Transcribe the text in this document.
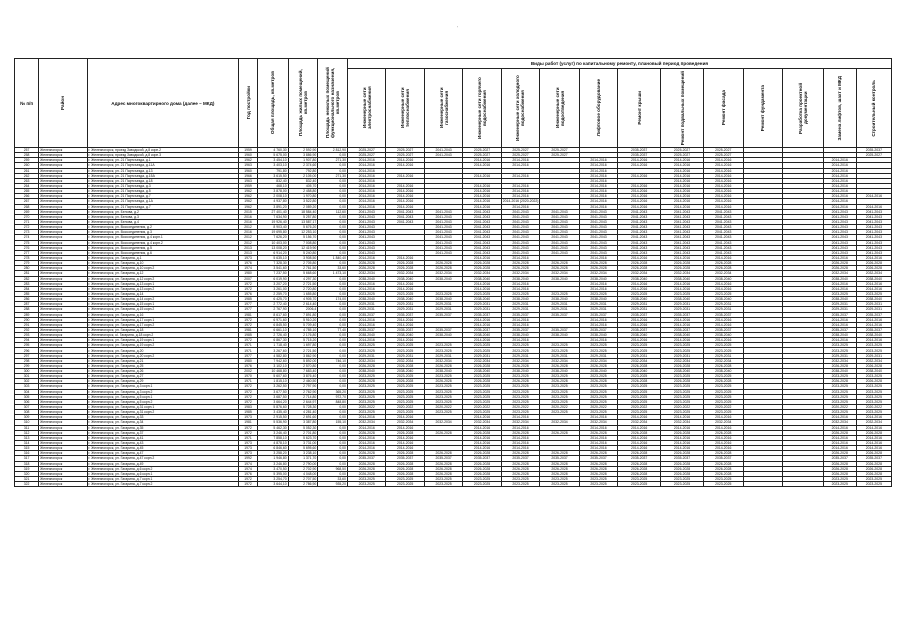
˙
№ п/п	Район	Адрес многоквартирного дома (далее – МКД)	Год постройки	Общая площадь, кв.метров	Площадь жилых помещений, кв.метров	Площадь нежилых помещений функционального назначения, кв.метров	Виды работ (услуг) по капитальному ремонту, плановый период проведения													

							Инженерные сети электроснабжения	Инженерные сети теплоснабжения	Инженерные сети газоснабжения	Инженерные сети горячего водоснабжения	Инженерные сети холодного водоснабжения	Инженерные сети водоотведения	Лифтовое оборудование	Ремонт крыши	Ремонт подвальных помещений	Ремонт фасада	Ремонт фундамента	Разработка проектной документации	Замена лифтов, шахт и МКД	Строительный контроль

257	Железногорск	г. Железногорск, проезд Заводской, д.8 корп.2	1959	4 760,30	2 592,90	2 812,90	2025-2027	2025-2027	2041-2043	2025-2027	2025-2027	2025-2027		2035-2037	2025-2027	2025-2027				2035-2037
258	Железногорск	г. Железногорск, проезд Заводской, д.8 корп.3	1960	5 675,00	3 886,90	0,00	2025-2027	2025-2027	2041-2043	2025-2027	2025-2027	2025-2027		2035-2037	2025-2027	2025-2027				2025-2027
259	Железногорск	г. Железногорск, ул. 21 Партсъезда, д.1	1962	3 454,10	1 907,80	271,30	2014-2016	2014-2016		2014-2016	2014-2016		2014-2016	2014-2016	2014-2016	2014-2016			2014-2016	
260	Железногорск	г. Железногорск, ул. 21 Партсъезда, д.11А	1963	3 403,10	2 374,60	0,00	2014-2016	2014-2016		2014-2016	2014-2016		2014-2016	2014-2016	2014-2016	2014-2016			2014-2016	
261	Железногорск	г. Железногорск, ул. 21 Партсъезда, д.13	1960	791,80	792,80	0,00	2014-2016						2014-2016		2014-2016	2014-2016			2014-2016	
262	Железногорск	г. Железногорск, ул. 21 Партсъезда, д.15А	1966	3 615,50	2 105,00	271,30	2014-2016	2014-2016		2014-2016	2014-2016		2014-2016	2014-2016	2014-2016	2014-2016			2014-2016	
263	Железногорск	г. Железногорск, ул. 21 Партсъезда, д.18	1963	832,40	832,40	0,00	2014-2016						2014-2016		2014-2016	2014-2016			2014-2016	
264	Железногорск	г. Железногорск, ул. 21 Партсъезда, д.3	1959	468,10	405,70	0,00	2014-2016	2014-2016		2014-2016	2014-2016		2014-2016	2014-2016	2014-2016	2014-2016			2014-2016	
265	Железногорск	г. Железногорск, ул. 21 Партсъезда, д.5	1962	3 878,00	2 458,80	0,00	2014-2016	2014-2016		2014-2016	2014-2016		2014-2016	2014-2016	2014-2016	2014-2016			2014-2016	
266	Железногорск	г. Железногорск, ул. 21 Партсъезда, д.7	1962	2 008,10	1 970,80	0,00	2014-2016	2014-2016		2014-2016	2014-2016		2014-2016	2014-2016	2014-2016	2014-2016			2014-2016	2014-2016
267	Железногорск	г. Железногорск, ул. 21 Партсъезда, д.1А	1962	4 937,80	3 522,80	0,00	2014-2016	2014-2016		2014-2016	2014-2016 (2020-2022)		2014-2016	2014-2016	2014-2016	2014-2016			2014-2016	
268	Железногорск	г. Железногорск, ул. 21 Партсъезда, д.7	1962	3 891,20	2 089,20	0,00	2014-2016	2014-2016		2014-2016	2014-2016		2014-2016	2014-2016	2014-2016	2014-2016			2014-2016	2014-2016
269	Железногорск	г. Железногорск, ул. Белова, д.2	2015	27 401,40	18 584,40	112,60	2041-2043	2041-2043	2041-2043	2041-2043	2041-2043	2041-2043	2041-2043	2041-2043	2041-2043	2041-2043			2041-2043	2041-2043
270	Железногорск	г. Железногорск, ул. Белова, д.3	2016	7 634,90	5 257,80	0,00	2041-2043	2041-2043	2041-2043	2041-2043	2041-2043	2041-2043	2041-2043	2041-2043	2041-2043	2041-2043			2041-2043	2041-2043
271	Железногорск	г. Железногорск, ул. Белова, д.4	2016	19 926,40	13 587,17	0,00	2041-2043	2041-2043	2041-2043	2041-2043	2041-2043	2041-2043	2041-2043	2041-2043	2041-2043	2041-2043			2041-2043	2041-2043
272	Железногорск	г. Железногорск, ул. Воссоединения, д.2	2012	8 903,40	5 676,20	0,00	2041-2043		2041-2043	2041-2043	2041-2043	2041-2043	2041-2043	2041-2043	2041-2043	2041-2043			2041-2043	2041-2043
273	Железногорск	г. Железногорск, ул. Воссоединения, д.3	2016	19 695,80	12 253,10	0,00	2041-2043		2041-2043	2041-2043	2041-2043	2041-2043	2041-2043	2041-2043	2041-2043	2041-2043			2041-2043	2041-2043
274	Железногорск	г. Железногорск, ул. Воссоединения, д.4 корп.1	2012	7 626,20	5 156,70	0,00	2041-2043		2041-2043	2041-2043	2041-2043	2041-2043	2041-2043	2041-2043	2041-2043	2041-2043			2041-2043	2041-2043
275	Железногорск	г. Железногорск, ул. Воссоединения, д.4 корп.2	2012	10 403,00	7 008,80	0,00	2041-2043		2041-2043	2041-2043	2041-2043	2041-2043	2041-2043	2041-2043	2041-2043	2041-2043			2041-2043	2041-2043
276	Железногорск	г. Железногорск, ул. Воссоединения, д.5	2013	13 008,20	12 419,90	0,00	2041-2043		2041-2043	2041-2043	2041-2043	2041-2043	2041-2043	2041-2043	2041-2043	2041-2043			2041-2043	2041-2043
277	Железногорск	г. Железногорск, ул. Воссоединения, д.6	2013	6 914,20	5 240,80	0,00	2041-2043		2041-2043	2041-2043	2041-2043	2041-2043	2041-2043	2041-2043	2041-2043	2041-2043			2041-2043	2041-2043
278	Железногорск	г. Железногорск, ул. Гагарина, д.1	1973	5 635,10	3 908,50	1 840,40	2014-2016	2014-2016		2014-2016	2014-2016		2014-2016	2014-2016	2014-2016	2014-2016			2014-2016	2014-2016
279	Железногорск	г. Железногорск, ул. Гагарина, д.10	1976	7 328,30	2 705,80	0,00	2026-2028	2026-2028	2026-2028	2026-2028	2026-2028	2026-2028	2026-2028	2026-2028	2026-2028	2026-2028			2026-2028	2026-2028
280	Железногорск	г. Железногорск, ул. Гагарина, д.10 корп.2	1974	3 541,60	2 761,50	33,60	2026-2028	2026-2028	2026-2028	2026-2028	2026-2028	2026-2028	2026-2028	2026-2028	2026-2028	2026-2028			2026-2028	2026-2028
281	Железногорск	г. Железногорск, ул. Гагарина, д.12	1980	7 237,50	5 668,60	1 473,10	2032-2034	2032-2034	2032-2034	2032-2034	2032-2034	2032-2034	2032-2034	2032-2034	2032-2034	2032-2034			2032-2034	2032-2034
282	Железногорск	г. Железногорск, ул. Гагарина, д.12 корп.2	2007	6 019,90	4 297,30	0,00	2038-2040	2038-2040	2038-2040	2038-2040	2038-2040	2038-2040	2038-2040	2038-2040	2038-2040	2038-2040			2038-2040	2038-2040
283	Железногорск	г. Железногорск, ул. Гагарина, д.13 корп.1	1972	3 207,20	2 721,50	0,00	2014-2016	2014-2016		2014-2016	2014-2016		2014-2016	2014-2016	2014-2016	2014-2016			2014-2016	2014-2016
284	Железногорск	г. Железногорск, ул. Гагарина, д.13 корп.2	1972	3 261,00	2 720,80	0,00	2014-2016	2014-2016		2014-2016	2014-2016		2014-2016	2014-2016	2014-2016	2014-2016			2014-2016	2014-2016
285	Железногорск	г. Железногорск, ул. Гагарина, д.14	1976	2 259,70	1 655,80	0,00	2023-2025	2023-2025	2023-2025	2023-2025	2023-2025	2023-2025	2023-2025	2023-2025	2023-2025	2023-2025			2023-2025	2023-2025
286	Железногорск	г. Железногорск, ул. Гагарина, д.14 корп.2	1985	6 425,70	4 905,70	174,00	2038-2040	2038-2040	2038-2040	2038-2040	2038-2040	2038-2040	2038-2040	2038-2040	2038-2040	2038-2040			2038-2040	2038-2040
287	Железногорск	г. Железногорск, ул. Гагарина, д.15 корп.1	1977	2 772,40	2 614,40	0,00	2029-2031	2029-2031	2029-2031	2029-2031	2029-2031	2029-2031	2029-2031	2029-2031	2029-2031	2029-2031			2029-2031	2029-2031
288	Железногорск	г. Железногорск, ул. Гагарина, д.15 корп.2	1977	2 767,90	2006,4	0,00	2029-2031	2029-2031	2029-2031	2029-2031	2029-2031	2029-2031	2029-2031	2029-2031	2029-2031	2029-2031			2029-2031	2029-2031
289	Железногорск	г. Железногорск, ул. Гагарина, д.16	1981	8 617,60	7 891,80	0,00	2035-2037	2035-2037	2035-2037	2035-2037	2035-2037	2035-2037	2035-2037	2035-2037	2035-2037	2035-2037			2035-2037	2035-2037
290	Железногорск	г. Железногорск, ул. Гагарина, д.17 корп.1	1972	6 971,60	5 910,20	0,00	2014-2016	2014-2016		2014-2016	2014-2016		2014-2016	2014-2016	2014-2016	2014-2016			2014-2016	2014-2016
291	Железногорск	г. Железногорск, ул. Гагарина, д.17 корп.2	1972	6 845,50	5 709,40	0,00	2014-2016	2014-2016		2014-2016	2014-2016		2014-2016	2014-2016	2014-2016	2014-2016			2014-2016	2014-2016
292	Железногорск	г. Железногорск, ул. Гагарина, д.18	1981	6 661,10	4 785,10	77,40	2035-2037	2035-2037	2035-2037	2035-2037	2035-2037	2035-2037	2035-2037	2035-2037	2035-2037	2035-2037			2035-2037	2035-2037
293	Железногорск	г. Железногорск, ul. Гагарина, д.18 корп.2	1985	2 726,40	2 176,80	0,00	2038-2040	2038-2040	2038-2040	2038-2040	2038-2040	2038-2040	2038-2040	2038-2040	2038-2040	2038-2040			2038-2040	2038-2040
294	Железногорск	г. Железногорск, ул. Гагарина, д.19 корп.1	1972	6 867,30	5 715,20	0,00	2014-2016	2014-2016		2014-2016	2014-2016		2014-2016	2014-2016	2014-2016	2014-2016			2014-2016	2014-2016
295	Железногорск	г. Железногорск, ул. Гагарина, д.19 корп.2	1971	1 718,40	1 697,80	0,00	2023-2025	2023-2025	2023-2025	2023-2025	2023-2025	2023-2025	2023-2025	2023-2025	2023-2025	2023-2025			2023-2025	2023-2025
296	Железногорск	г. Железногорск, ул. Гагарина, д.20	1971	3 267,60	2 721,50	0,00	2023-2025	2023-2025	2023-2025	2023-2025	2023-2025	2023-2025	2023-2025	2023-2025	2023-2025	2023-2025			2023-2025	2023-2025
297	Железногорск	г. Железногорск, ул. Гагарина, д.20 корп.2	1977	4 582,80	3 862,90	0,00	2029-2031	2029-2031	2029-2031	2029-2031	2029-2031	2029-2031	2029-2031	2029-2031	2029-2031	2029-2031			2029-2031	2029-2031
298	Железногорск	г. Железногорск, ул. Гагарина, д.21	1980	7 942,60	5 892,00	746,10	2032-2034	2032-2034	2032-2034	2032-2034	2032-2034	2032-2034	2032-2034	2032-2034	2032-2034	2032-2034			2032-2034	2032-2034
299	Железногорск	г. Железногорск, ул. Гагарина, д.25	1976	3 102,10	2 570,80	0,00	2026-2028	2026-2028	2026-2028	2026-2028	2026-2028	2026-2028	2026-2028	2026-2028	2026-2028	2026-2028			2026-2028	2026-2028
300	Железногорск	г. Железногорск, ул. Гагарина, д.26	2002	10 468,80	7 683,40	0,00	2038-2040	2038-2040	2038-2040	2038-2040	2038-2040	2038-2040	2038-2040	2038-2040	2038-2040	2038-2040			2038-2040	2038-2040
301	Железногорск	г. Железногорск, ул. Гагарина, д.27	1970	5 607,60	3 876,40	0,00	2023-2025	2023-2025	2023-2025	2023-2025	2023-2025	2023-2025	2023-2025	2023-2025	2023-2025	2023-2025			2023-2025	2023-2025
302	Железногорск	г. Железногорск, ул. Гагарина, д.29	1971	1 815,10	2 460,50	0,00	2026-2028	2026-2028	2026-2028	2026-2028	2026-2028	2026-2028	2026-2028	2026-2028	2026-2028	2026-2028			2026-2028	2026-2028
303	Железногорск	г. Железногорск, ул. Гагарина, д.3 корп.1	1972	3 262,50	2 797,90	0,00	2023-2025	2023-2025	2023-2025	2023-2025	2023-2025	2023-2025	2023-2025	2023-2025	2023-2025	2023-2025			2023-2025	2023-2025
304	Железногорск	г. Железногорск, ул. Гагарина, д.3 корп.2	1972	3 677,50	2 762,90	365,20	2023-2025	2023-2025	2023-2025	2023-2025	2023-2025	2023-2025	2023-2025	2023-2025	2023-2025	2023-2025			2023-2025	2023-2025
305	Железногорск	г. Железногорск, ул. Гагарина, д.5 корп.1	1972	3 687,50	2 714,80	972,70	2023-2025	2023-2025	2023-2025	2023-2025	2023-2025	2023-2025	2023-2025	2023-2025	2023-2025	2023-2025			2023-2025	2023-2025
306	Железногорск	г. Железногорск, ул. Гагарина, д.5 корп.2	1972	3 664,20	2 644,97	848,80	2023-2025	2023-2025	2023-2025	2023-2025	2023-2025	2023-2025	2023-2025	2023-2025	2023-2025	2023-2025			2023-2025	2023-2025
307	Железногорск	г. Железногорск, ул. Гагарина, д.31 корп.1	1983	5 876,60	5 728,30	0,00	2020-2022	2020-2022	2020-2022	2020-2022	2020-2022	2020-2022	2020-2022	2020-2022	2020-2022	2020-2022			2020-2022	2020-2022
308	Железногорск	г. Железногорск, ул. Гагарина, д.31 корп.2	1985	3 435,40	4 281,40	0,00	2023-2025	2023-2025	2023-2025	2023-2025	2023-2025	2023-2025	2023-2025	2023-2025	2023-2025	2023-2025			2023-2025	2023-2025
309	Железногорск	г. Железногорск, ул. Гагарина, д.33	1973	2 915,50	2 691,60	0,00	2014-2016	2014-2016		2014-2016	2014-2016		2014-2016	2014-2016	2014-2016	2014-2016			2014-2016	2014-2016
310	Железногорск	г. Железногорск, ул. Гагарина, д.34	1981	5 536,90	3 387,80	155,10	2032-2034	2032-2034	2032-2034	2032-2034	2032-2034	2032-2034	2032-2034	2032-2034	2032-2034	2032-2034			2032-2034	2032-2034
311	Железногорск	г. Железногорск, ул. Гагарина, д.35	1972	5 462,30	5 052,30	0,00	2014-2016	2014-2016		2014-2016	2014-2016		2014-2016	2014-2016	2014-2016	2014-2016			2014-2016	2014-2016
312	Железногорск	г. Железногорск, ул. Гагарина, д.37	1972	3 246,40	2 701,80	0,00	2026-2028	2026-2028	2026-2028	2026-2028	2026-2028	2026-2028	2026-2028	2026-2028	2026-2028	2026-2028			2026-2028	2026-2028
313	Железногорск	г. Железногорск, ул. Гагарина, д.41	1971	7 858,10	5 623,70	0,00	2014-2016	2014-2016		2014-2016	2014-2016		2014-2016	2014-2016	2014-2016	2014-2016			2014-2016	2014-2016
314	Железногорск	г. Железногорск, ул. Гагарина, д.43	1973	4 878,10	3 731,00	0,00	2014-2016	2014-2016		2014-2016	2014-2016		2014-2016	2014-2016	2014-2016	2014-2016			2014-2016	2014-2016
315	Железногорск	г. Железногорск, ул. Гагарина, д.45	1973	6 846,60	5 695,60	0,00	2014-2016	2014-2016		2014-2016	2014-2016		2014-2016	2014-2016	2014-2016	2014-2016			2014-2016	2014-2016
316	Железногорск	г. Железногорск, ул. Гагарина, д.47	1973	3 258,20	3 238,10	0,00	2026-2028	2026-2028	2026-2028	2026-2028	2026-2028	2026-2028	2026-2028	2026-2028	2026-2028	2026-2028			2026-2028	2026-2028
317	Железногорск	г. Железногорск, ул. Гагарина, д.47 корп.2	1992	1 946,80	1 371,70	0,00	2035-2037	2035-2037	2035-2037	2035-2037	2035-2037	2035-2037	2035-2037	2035-2037	2035-2037	2035-2037			2035-2037	2035-2037
318	Железногорск	г. Железногорск, ул. Гагарина, д.49	1974	3 246,80	2 790,00	0,00	2026-2028	2026-2028	2026-2028	2026-2028	2026-2028	2026-2028	2026-2028	2026-2028	2026-2028	2026-2028			2026-2028	2026-2028
319	Железногорск	г. Железногорск, ул. Гагарина, д.6 корп.2	1974	3 470,50	2 702,90	968,50	2026-2028	2026-2028	2026-2028	2026-2028	2026-2028	2026-2028	2026-2028	2026-2028	2026-2028	2026-2028			2026-2028	2026-2028
320	Железногорск	г. Железногорск, ул. Гагарина, д.6 корп.1	1976	5 395,00	4 048,00	0,00	2026-2028	2026-2028	2026-2028	2026-2028	2026-2028	2026-2028	2026-2028	2026-2028	2026-2028	2026-2028			2026-2028	2026-2028
321	Железногорск	г. Железногорск, ул. Гагарина, д.7 корп.1	1972	3 254,70	2 707,50	33,60	2023-2025	2023-2025	2023-2025	2023-2025	2023-2025	2023-2025	2023-2025	2023-2025	2023-2025	2023-2025			2023-2025	2023-2025
322	Железногорск	г. Железногорск, ул. Гагарина, д.7 корп.2	1972	3 644,10	2 786,90	935,20	2023-2025	2023-2025	2023-2025	2023-2025	2023-2025	2023-2025	2023-2025	2023-2025	2023-2025	2023-2025			2023-2025	2023-2025
